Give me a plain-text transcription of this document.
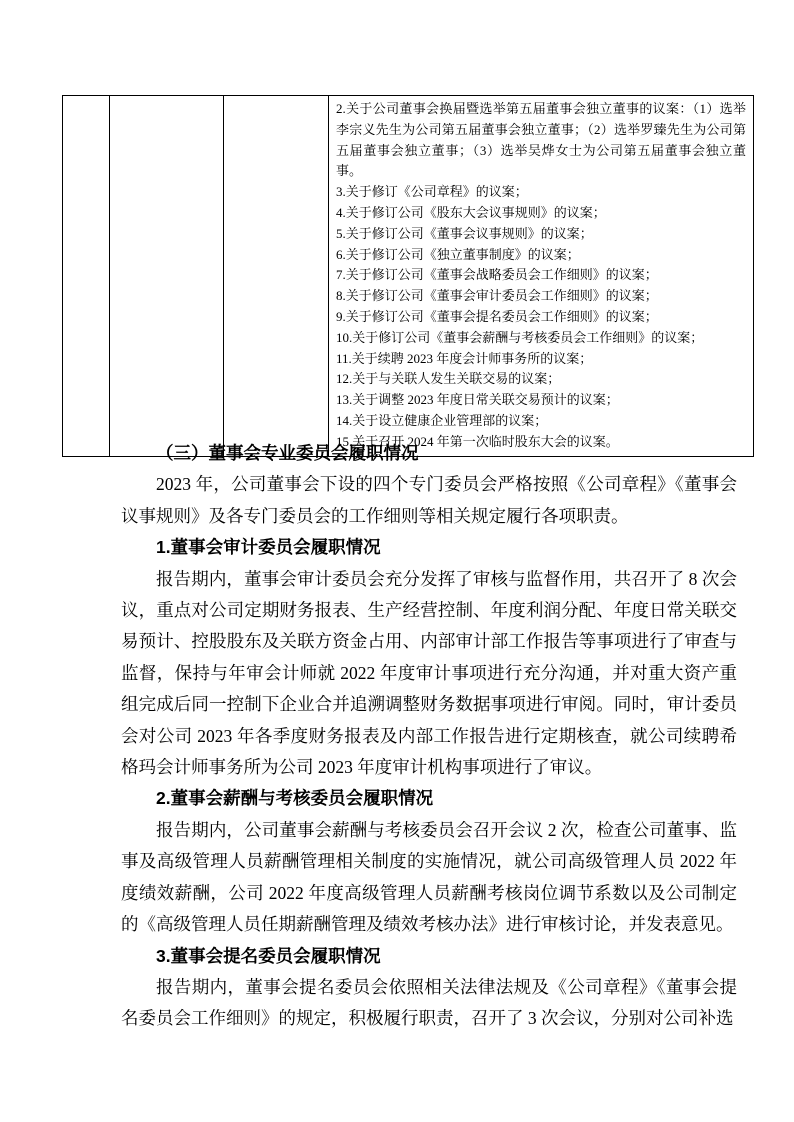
2.关于公司董事会换届暨选举第五届董事会独立董事的议案：（1）选举李宗义先生为公司第五届董事会独立董事；（2）选举罗臻先生为公司第五届董事会独立董事；（3）选举吴烨女士为公司第五届董事会独立董事。
3.关于修订《公司章程》的议案；
4.关于修订公司《股东大会议事规则》的议案；
5.关于修订公司《董事会议事规则》的议案；
6.关于修订公司《独立董事制度》的议案；
7.关于修订公司《董事会战略委员会工作细则》的议案；
8.关于修订公司《董事会审计委员会工作细则》的议案；
9.关于修订公司《董事会提名委员会工作细则》的议案；
10.关于修订公司《董事会薪酬与考核委员会工作细则》的议案；
11.关于续聘 2023 年度会计师事务所的议案；
12.关于与关联人发生关联交易的议案；
13.关于调整 2023 年度日常关联交易预计的议案；
14.关于设立健康企业管理部的议案；
15.关于召开 2024 年第一次临时股东大会的议案。

（三）董事会专业委员会履职情况

2023 年，公司董事会下设的四个专门委员会严格按照《公司章程》《董事会议事规则》及各专门委员会的工作细则等相关规定履行各项职责。

1.董事会审计委员会履职情况

报告期内，董事会审计委员会充分发挥了审核与监督作用，共召开了 8 次会议，重点对公司定期财务报表、生产经营控制、年度利润分配、年度日常关联交易预计、控股股东及关联方资金占用、内部审计部工作报告等事项进行了审查与监督，保持与年审会计师就 2022 年度审计事项进行充分沟通，并对重大资产重组完成后同一控制下企业合并追溯调整财务数据事项进行审阅。同时，审计委员会对公司 2023 年各季度财务报表及内部工作报告进行定期核查，就公司续聘希格玛会计师事务所为公司 2023 年度审计机构事项进行了审议。

2.董事会薪酬与考核委员会履职情况

报告期内，公司董事会薪酬与考核委员会召开会议 2 次，检查公司董事、监事及高级管理人员薪酬管理相关制度的实施情况，就公司高级管理人员 2022 年度绩效薪酬，公司 2022 年度高级管理人员薪酬考核岗位调节系数以及公司制定的《高级管理人员任期薪酬管理及绩效考核办法》进行审核讨论，并发表意见。

3.董事会提名委员会履职情况

报告期内，董事会提名委员会依照相关法律法规及《公司章程》《董事会提名委员会工作细则》的规定，积极履行职责，召开了 3 次会议，分别对公司补选
